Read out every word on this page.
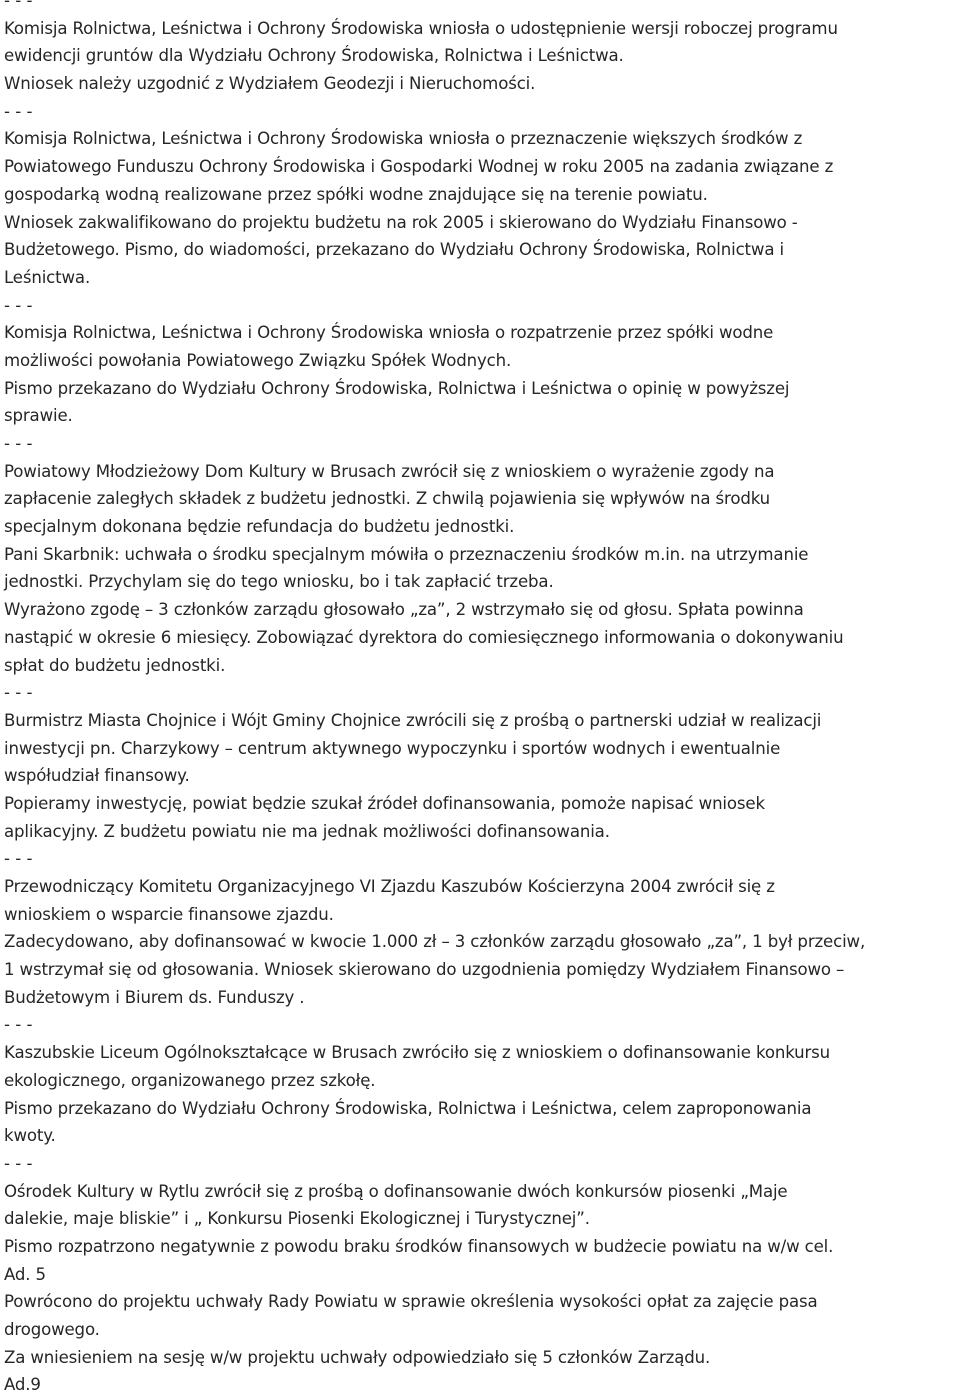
- - -
Komisja Rolnictwa, Leśnictwa i Ochrony Środowiska wniosła o udostępnienie wersji roboczej programu
ewidencji gruntów dla Wydziału Ochrony Środowiska, Rolnictwa i Leśnictwa.
Wniosek należy uzgodnić z Wydziałem Geodezji i Nieruchomości.
- - -
Komisja Rolnictwa, Leśnictwa i Ochrony Środowiska wniosła o przeznaczenie większych środków z
Powiatowego Funduszu Ochrony Środowiska i Gospodarki Wodnej w roku 2005 na zadania związane z
gospodarką wodną realizowane przez spółki wodne znajdujące się na terenie powiatu.
Wniosek zakwalifikowano do projektu budżetu na rok 2005 i skierowano do Wydziału Finansowo -
Budżetowego. Pismo, do wiadomości, przekazano do Wydziału Ochrony Środowiska, Rolnictwa i
Leśnictwa.
- - -
Komisja Rolnictwa, Leśnictwa i Ochrony Środowiska wniosła o rozpatrzenie przez spółki wodne
możliwości powołania Powiatowego Związku Spółek Wodnych.
Pismo przekazano do Wydziału Ochrony Środowiska, Rolnictwa i Leśnictwa o opinię w powyższej
sprawie.
- - -
Powiatowy Młodzieżowy Dom Kultury w Brusach zwrócił się z wnioskiem o wyrażenie zgody na
zapłacenie zaległych składek z budżetu jednostki. Z chwilą pojawienia się wpływów na środku
specjalnym dokonana będzie refundacja do budżetu jednostki.
Pani Skarbnik: uchwała o środku specjalnym mówiła o przeznaczeniu środków m.in. na utrzymanie
jednostki. Przychylam się do tego wniosku, bo i tak zapłacić trzeba.
Wyrażono zgodę – 3 członków zarządu głosowało „za”, 2 wstrzymało się od głosu. Spłata powinna
nastąpić w okresie 6 miesięcy. Zobowiązać dyrektora do comiesięcznego informowania o dokonywaniu
spłat do budżetu jednostki.
- - -
Burmistrz Miasta Chojnice i Wójt Gminy Chojnice zwrócili się z prośbą o partnerski udział w realizacji
inwestycji pn. Charzykowy – centrum aktywnego wypoczynku i sportów wodnych i ewentualnie
współudział finansowy.
Popieramy inwestycję, powiat będzie szukał źródeł dofinansowania, pomoże napisać wniosek
aplikacyjny. Z budżetu powiatu nie ma jednak możliwości dofinansowania.
- - -
Przewodniczący Komitetu Organizacyjnego VI Zjazdu Kaszubów Kościerzyna 2004 zwrócił się z
wnioskiem o wsparcie finansowe zjazdu.
Zadecydowano, aby dofinansować w kwocie 1.000 zł – 3 członków zarządu głosowało „za”, 1 był przeciw,
1 wstrzymał się od głosowania. Wniosek skierowano do uzgodnienia pomiędzy Wydziałem Finansowo –
Budżetowym i Biurem ds. Funduszy .
- - -
Kaszubskie Liceum Ogólnokształcące w Brusach zwróciło się z wnioskiem o dofinansowanie konkursu
ekologicznego, organizowanego przez szkołę.
Pismo przekazano do Wydziału Ochrony Środowiska, Rolnictwa i Leśnictwa, celem zaproponowania
kwoty.
- - -
Ośrodek Kultury w Rytlu zwrócił się z prośbą o dofinansowanie dwóch konkursów piosenki „Maje
dalekie, maje bliskie” i „ Konkursu Piosenki Ekologicznej i Turystycznej”.
Pismo rozpatrzono negatywnie z powodu braku środków finansowych w budżecie powiatu na w/w cel.
Ad. 5
Powrócono do projektu uchwały Rady Powiatu w sprawie określenia wysokości opłat za zajęcie pasa
drogowego.
Za wniesieniem na sesję w/w projektu uchwały odpowiedziało się 5 członków Zarządu.
Ad.9
